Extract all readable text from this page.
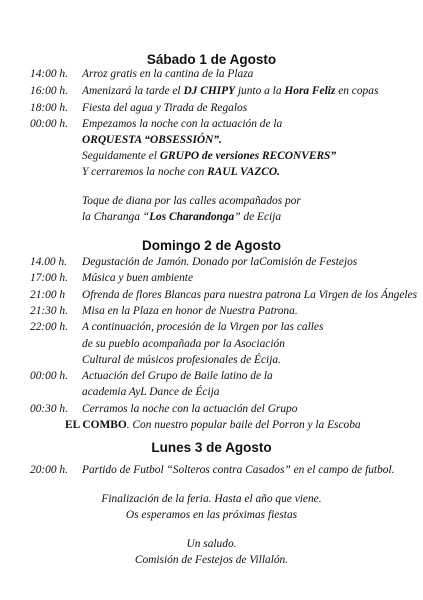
Sábado 1 de Agosto
14:00 h. Arroz gratis en la cantina de la Plaza
16:00 h. Amenizará la tarde el DJ CHIPY junto a la Hora Feliz en copas
18:00 h. Fiesta del agua y Tirada de Regalos
00:00 h. Empezamos la noche con la actuación de la
ORQUESTA “OBSESSIÓN”.
Seguidamente el GRUPO de versiones RECONVERS”
Y cerraremos la noche con RAUL VAZCO.
Toque de diana por las calles acompañados por
la Charanga “Los Charandonga” de Ecija
Domingo 2 de Agosto
14.00 h. Degustación de Jamón. Donado por laComisión de Festejos
17:00 h. Música y buen ambiente
21:00 h Ofrenda de flores Blancas para nuestra patrona La Virgen de los Ángeles
21:30 h. Misa en la Plaza en honor de Nuestra Patrona.
22:00 h. A continuación, procesión de la Virgen por las calles
de su pueblo acompañada por la Asociación
Cultural de músicos profesionales de Écija.
00:00 h. Actuación del Grupo de Baile latino de la
academia AyL Dance de Écija
00:30 h. Cerramos la noche con la actuación del Grupo
EL COMBO. Con nuestro popular baile del Porron y la Escoba
Lunes 3 de Agosto
20:00 h. Partido de Futbol “Solteros contra Casados” en el campo de futbol.
Finalización de la feria. Hasta el año que viene.
Os esperamos en las próximas fiestas
Un saludo.
Comisión de Festejos de Villalón.
